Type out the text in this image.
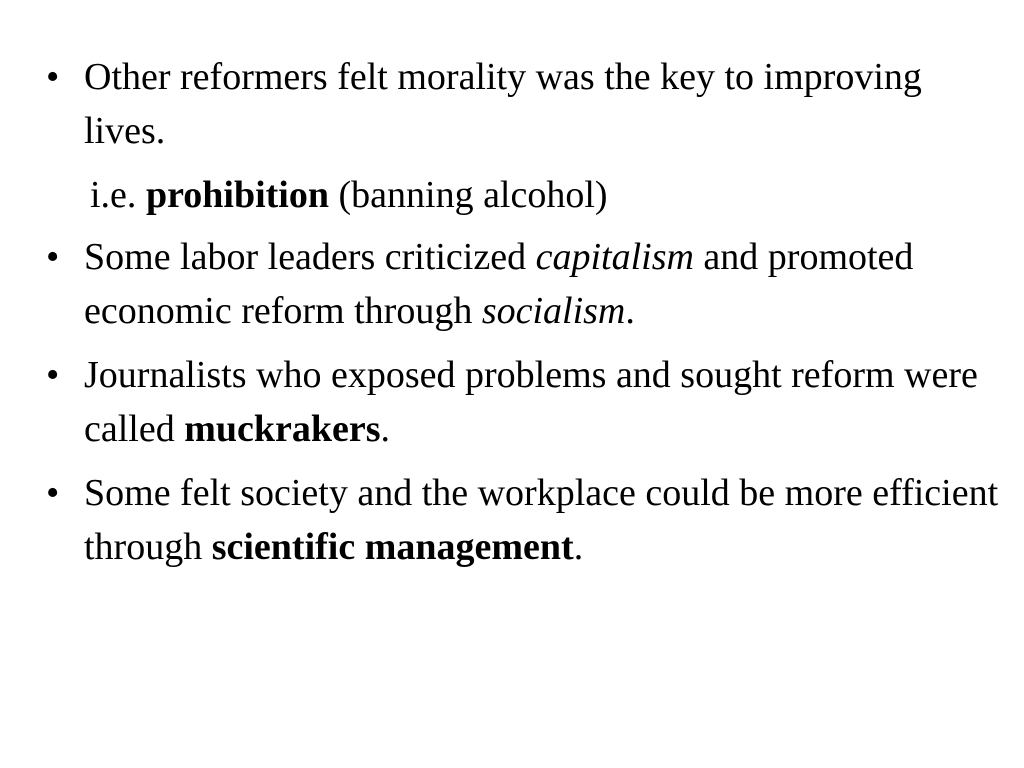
• Other reformers felt morality was the key to improving lives.
i.e. prohibition (banning alcohol)
• Some labor leaders criticized capitalism and promoted economic reform through socialism.
• Journalists who exposed problems and sought reform were called muckrakers.
• Some felt society and the workplace could be more efficient through scientific management.
